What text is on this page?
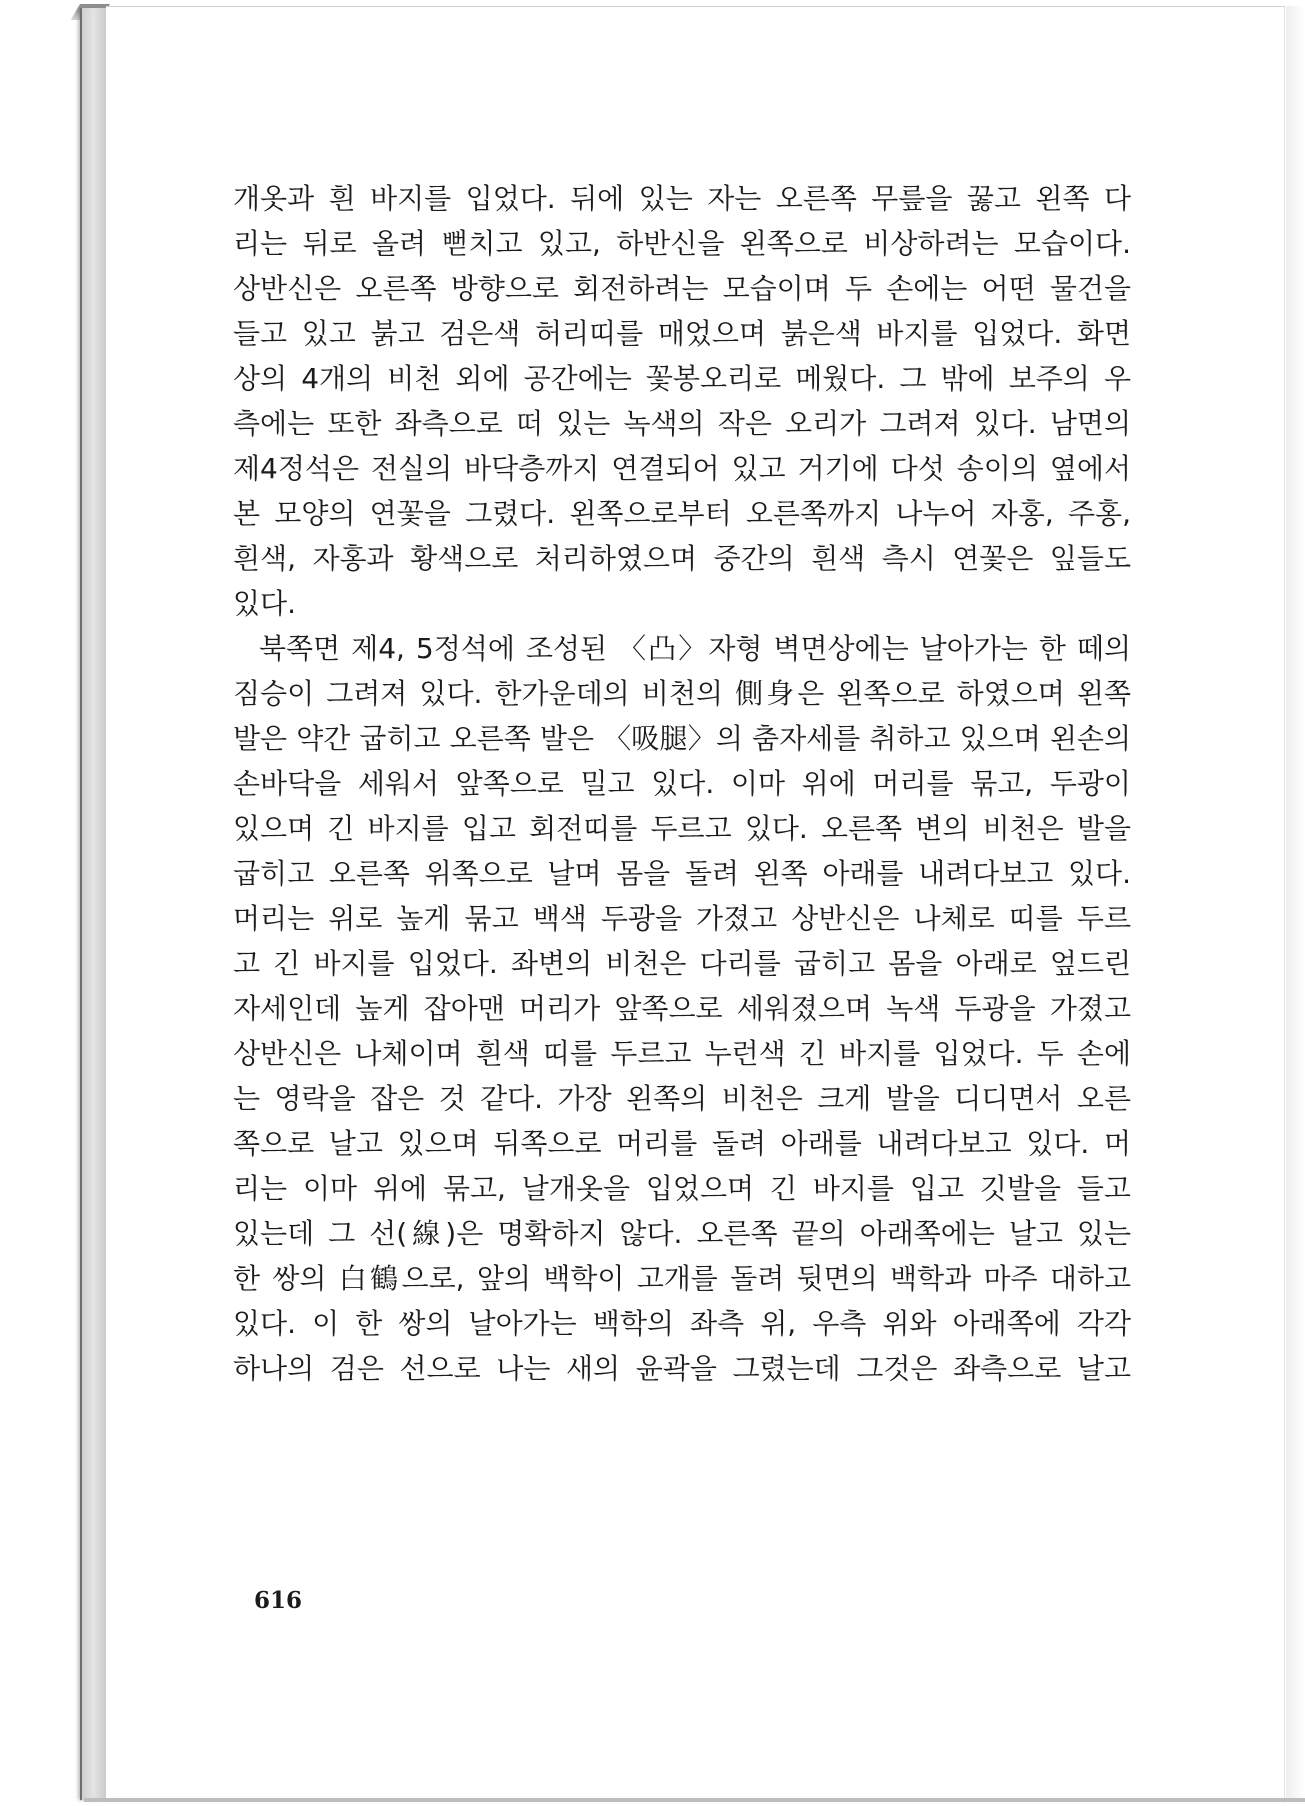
개옷과 흰 바지를 입었다. 뒤에 있는 자는 오른쪽 무릎을 꿇고 왼쪽 다

리는 뒤로 올려 뻗치고 있고, 하반신을 왼쪽으로 비상하려는 모습이다.

상반신은 오른쪽 방향으로 회전하려는 모습이며 두 손에는 어떤 물건을

들고 있고 붉고 검은색 허리띠를 매었으며 붉은색 바지를 입었다. 화면

상의 4개의 비천 외에 공간에는 꽃봉오리로 메웠다. 그 밖에 보주의 우

측에는 또한 좌측으로 떠 있는 녹색의 작은 오리가 그려져 있다. 남면의

제4정석은 전실의 바닥층까지 연결되어 있고 거기에 다섯 송이의 옆에서

본 모양의 연꽃을 그렸다. 왼쪽으로부터 오른쪽까지 나누어 자홍, 주홍,

흰색, 자홍과 황색으로 처리하였으며 중간의 흰색 측시 연꽃은 잎들도

있다.

북쪽면 제4, 5정석에 조성된 〈凸〉자형 벽면상에는 날아가는 한 떼의

짐승이 그려져 있다. 한가운데의 비천의 側身은 왼쪽으로 하였으며 왼쪽

발은 약간 굽히고 오른쪽 발은 〈吸腿〉의 춤자세를 취하고 있으며 왼손의

손바닥을 세워서 앞쪽으로 밀고 있다. 이마 위에 머리를 묶고, 두광이

있으며 긴 바지를 입고 회전띠를 두르고 있다. 오른쪽 변의 비천은 발을

굽히고 오른쪽 위쪽으로 날며 몸을 돌려 왼쪽 아래를 내려다보고 있다.

머리는 위로 높게 묶고 백색 두광을 가졌고 상반신은 나체로 띠를 두르

고 긴 바지를 입었다. 좌변의 비천은 다리를 굽히고 몸을 아래로 엎드린

자세인데 높게 잡아맨 머리가 앞쪽으로 세워졌으며 녹색 두광을 가졌고

상반신은 나체이며 흰색 띠를 두르고 누런색 긴 바지를 입었다. 두 손에

는 영락을 잡은 것 같다. 가장 왼쪽의 비천은 크게 발을 디디면서 오른

쪽으로 날고 있으며 뒤쪽으로 머리를 돌려 아래를 내려다보고 있다. 머

리는 이마 위에 묶고, 날개옷을 입었으며 긴 바지를 입고 깃발을 들고

있는데 그 선(線)은 명확하지 않다. 오른쪽 끝의 아래쪽에는 날고 있는

한 쌍의 白鶴으로, 앞의 백학이 고개를 돌려 뒷면의 백학과 마주 대하고

있다. 이 한 쌍의 날아가는 백학의 좌측 위, 우측 위와 아래쪽에 각각

하나의 검은 선으로 나는 새의 윤곽을 그렸는데 그것은 좌측으로 날고

616
